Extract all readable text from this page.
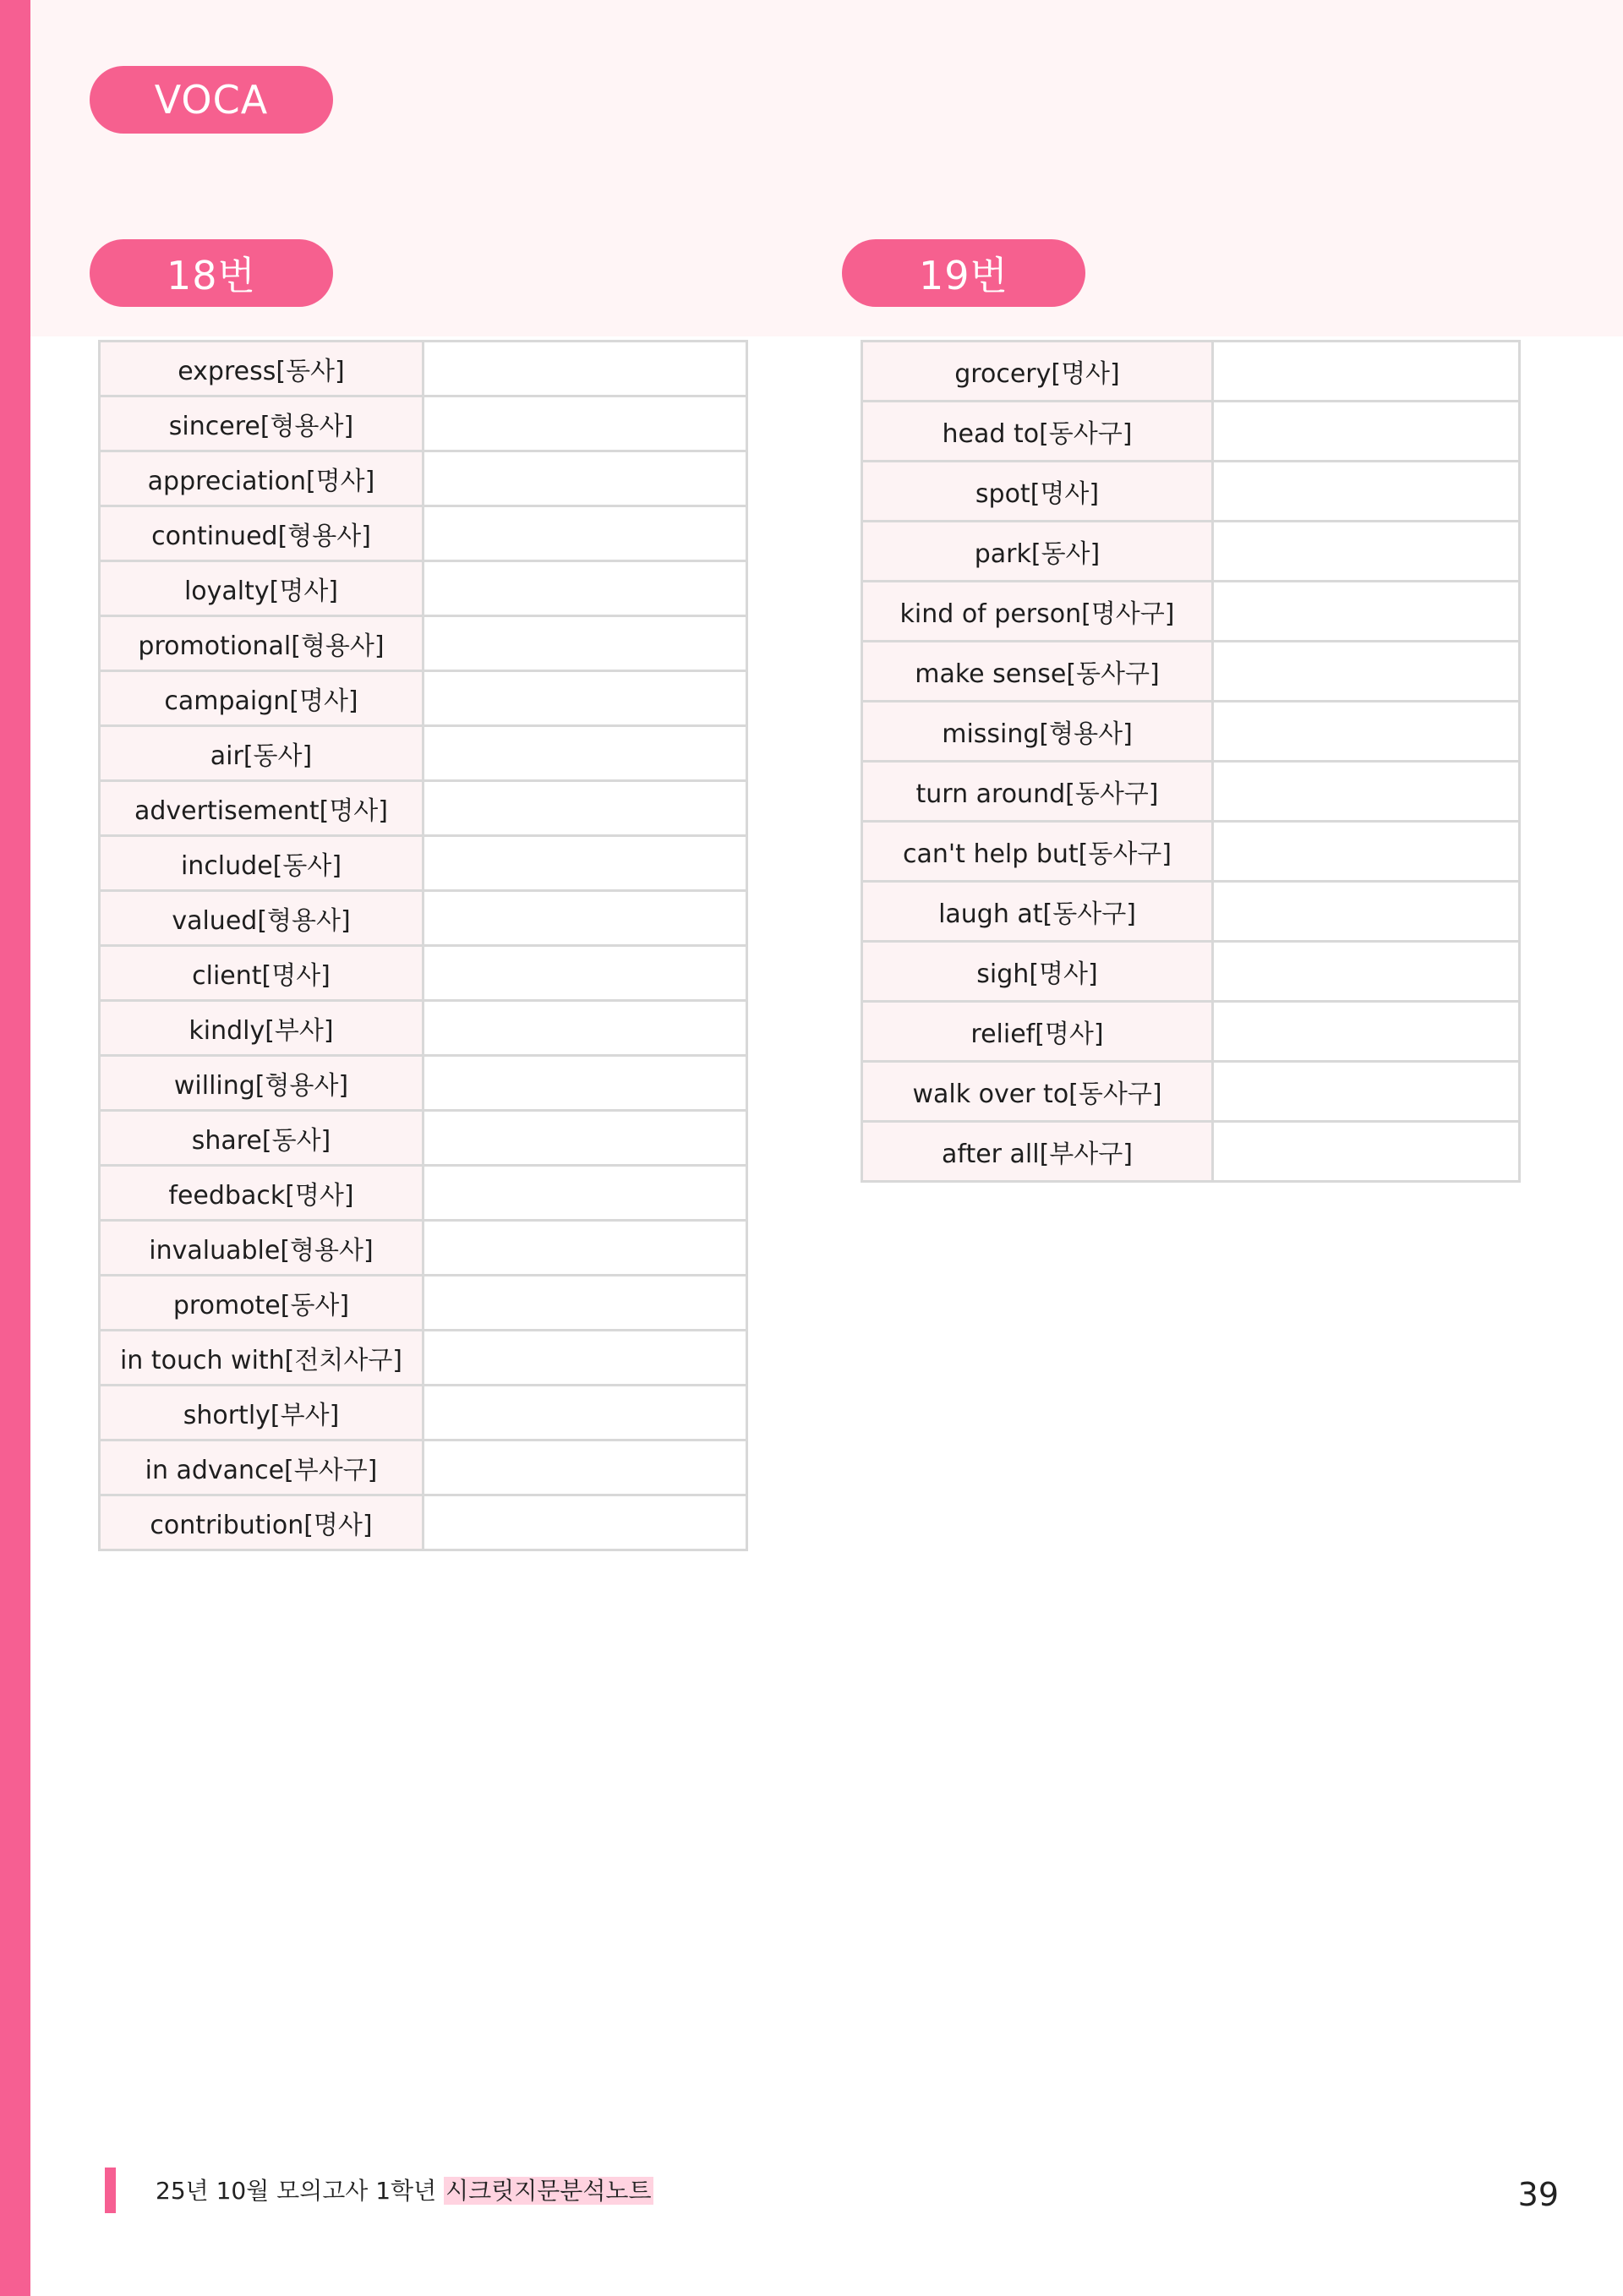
VOCA
18번	19번
express[동사]	
sincere[형용사]	
appreciation[명사]	
continued[형용사]	
loyalty[명사]	
promotional[형용사]	
campaign[명사]	
air[동사]	
advertisement[명사]	
include[동사]	
valued[형용사]	
client[명사]	
kindly[부사]	
willing[형용사]	
share[동사]	
feedback[명사]	
invaluable[형용사]	
promote[동사]	
in touch with[전치사구]	
shortly[부사]	
in advance[부사구]	
contribution[명사]	
grocery[명사]	
head to[동사구]	
spot[명사]	
park[동사]	
kind of person[명사구]	
make sense[동사구]	
missing[형용사]	
turn around[동사구]	
can't help but[동사구]	
laugh at[동사구]	
sigh[명사]	
relief[명사]	
walk over to[동사구]	
after all[부사구]	
25년 10월 모의고사 1학년 시크릿지문분석노트	39
